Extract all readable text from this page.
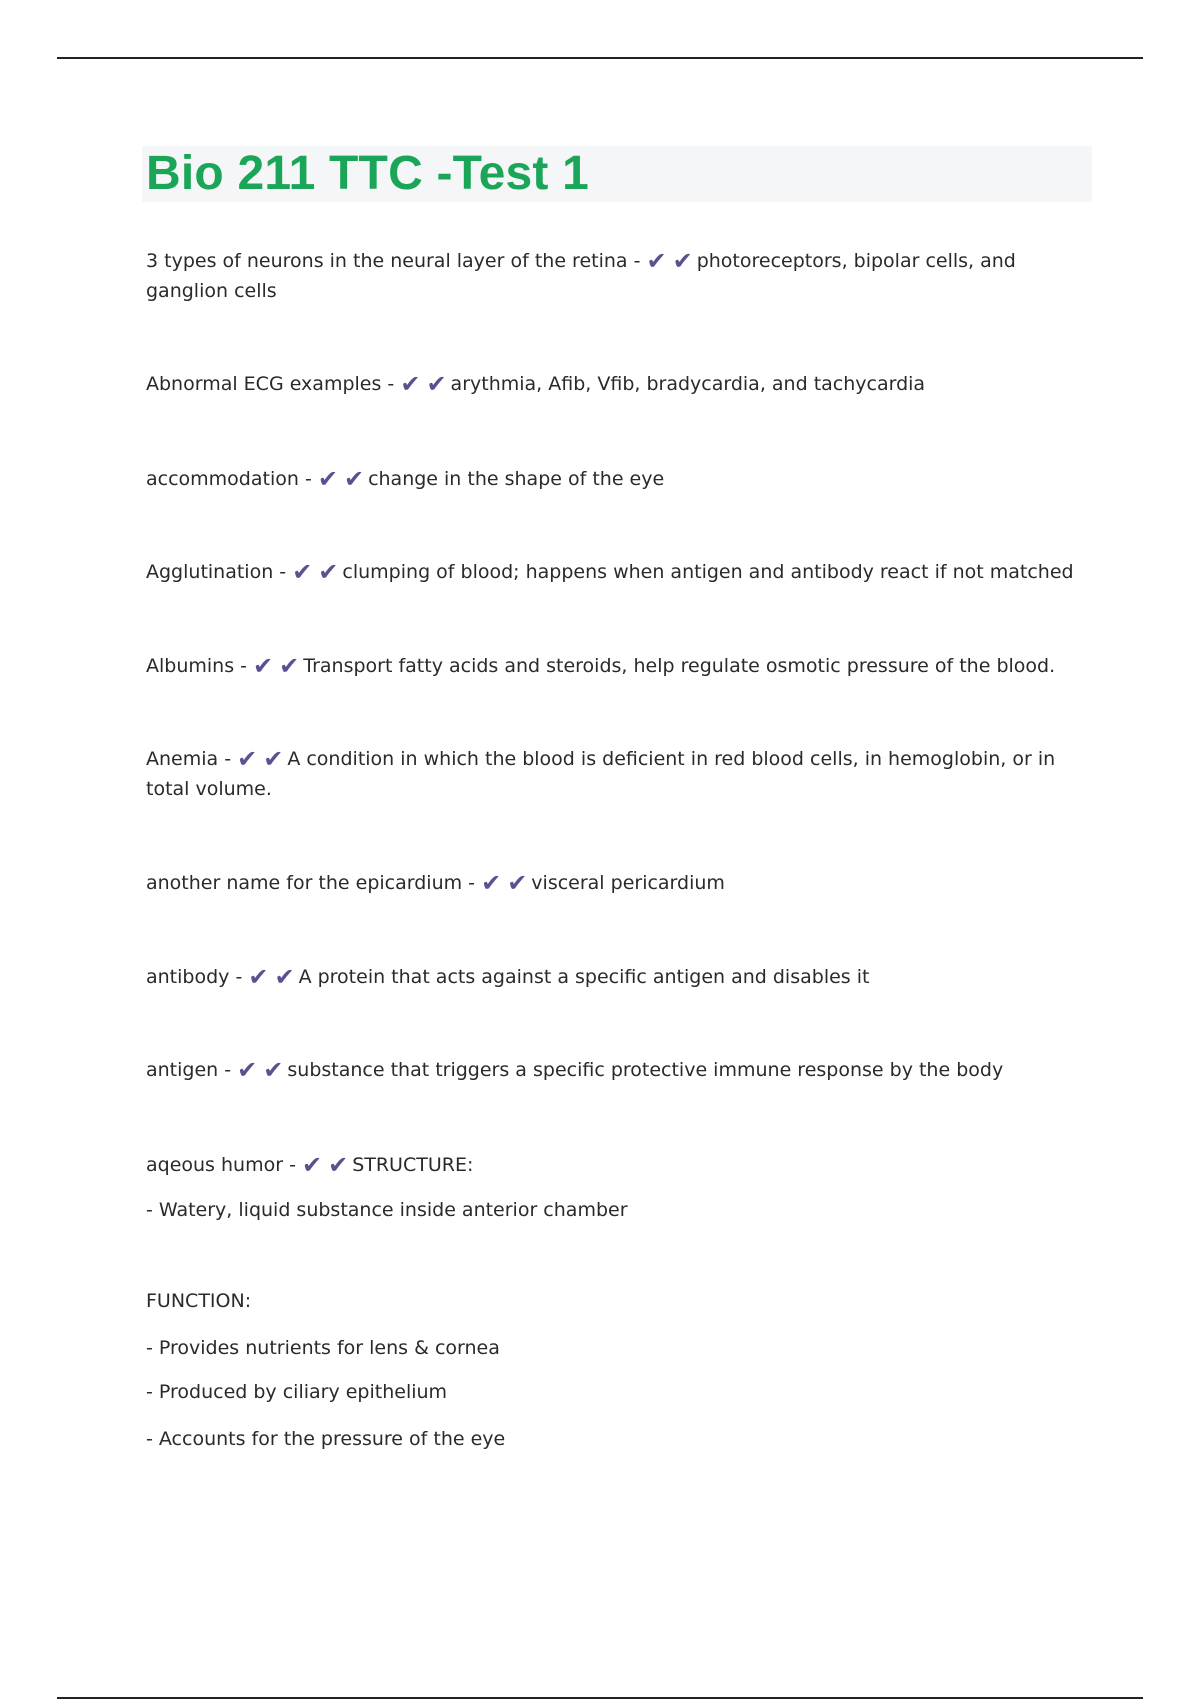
Bio 211 TTC -Test 1

3 types of neurons in the neural layer of the retina - ✔✔photoreceptors, bipolar cells, and ganglion cells

Abnormal ECG examples - ✔✔arythmia, Afib, Vfib, bradycardia, and tachycardia

accommodation - ✔✔change in the shape of the eye

Agglutination - ✔✔clumping of blood; happens when antigen and antibody react if not matched

Albumins - ✔✔Transport fatty acids and steroids, help regulate osmotic pressure of the blood.

Anemia - ✔✔A condition in which the blood is deficient in red blood cells, in hemoglobin, or in total volume.

another name for the epicardium - ✔✔visceral pericardium

antibody - ✔✔A protein that acts against a specific antigen and disables it

antigen - ✔✔substance that triggers a specific protective immune response by the body

aqeous humor - ✔✔STRUCTURE:

- Watery, liquid substance inside anterior chamber

FUNCTION:

- Provides nutrients for lens & cornea

- Produced by ciliary epithelium

- Accounts for the pressure of the eye
